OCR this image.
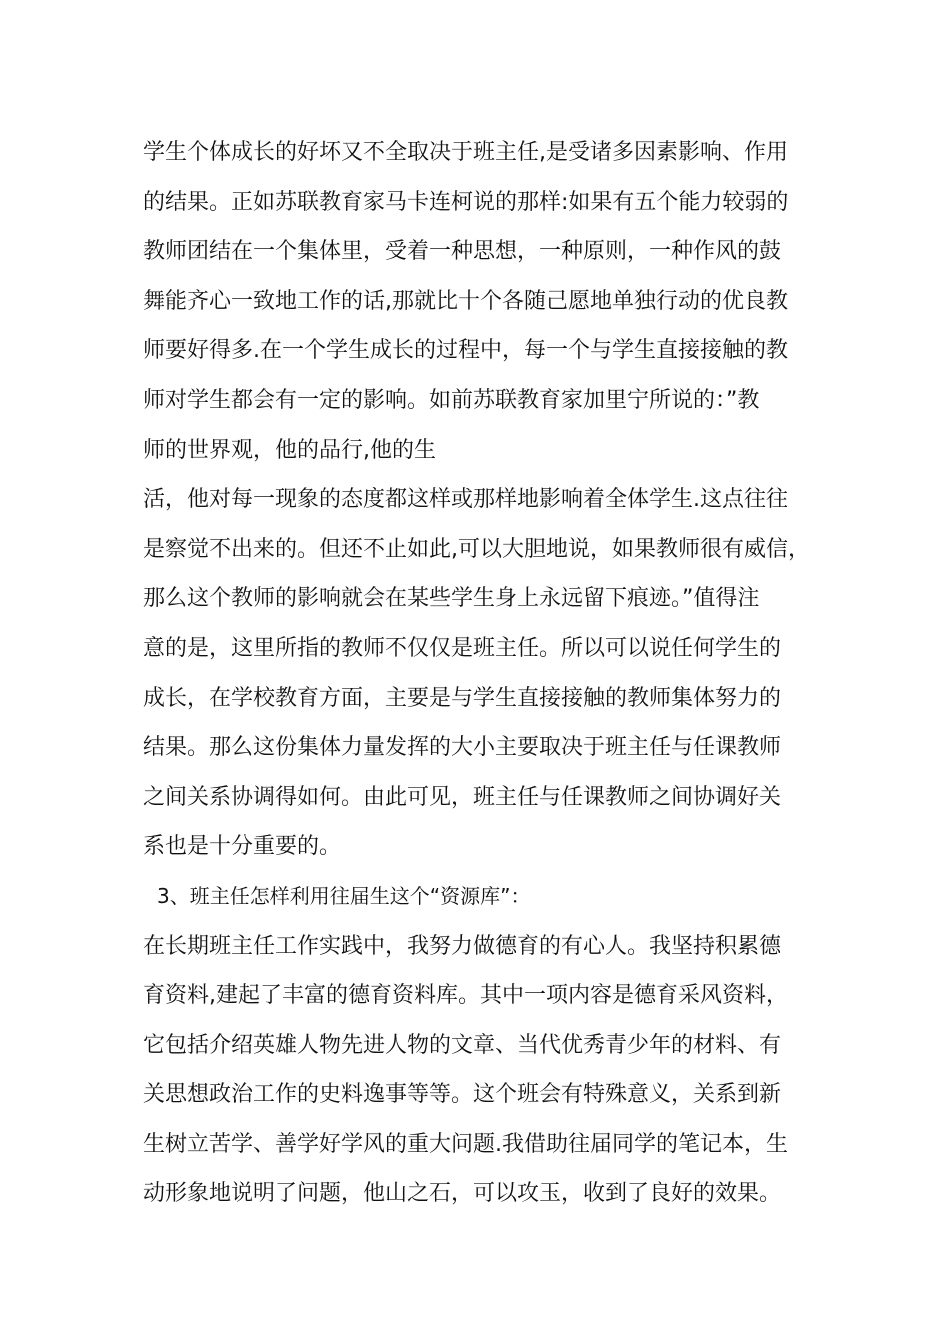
学生个体成长的好坏又不全取决于班主任,是受诸多因素影响、作用
的结果。正如苏联教育家马卡连柯说的那样:如果有五个能力较弱的
教师团结在一个集体里，受着一种思想，一种原则，一种作风的鼓
舞能齐心一致地工作的话,那就比十个各随己愿地单独行动的优良教
师要好得多.在一个学生成长的过程中，每一个与学生直接接触的教
师对学生都会有一定的影响。如前苏联教育家加里宁所说的：”教
师的世界观，他的品行,他的生
活，他对每一现象的态度都这样或那样地影响着全体学生.这点往往
是察觉不出来的。但还不止如此,可以大胆地说，如果教师很有威信，
那么这个教师的影响就会在某些学生身上永远留下痕迹。”值得注
意的是，这里所指的教师不仅仅是班主任。所以可以说任何学生的
成长，在学校教育方面，主要是与学生直接接触的教师集体努力的
结果。那么这份集体力量发挥的大小主要取决于班主任与任课教师
之间关系协调得如何。由此可见，班主任与任课教师之间协调好关
系也是十分重要的。
3、班主任怎样利用往届生这个“资源库”：
在长期班主任工作实践中，我努力做德育的有心人。我坚持积累德
育资料,建起了丰富的德育资料库。其中一项内容是德育采风资料，
它包括介绍英雄人物先进人物的文章、当代优秀青少年的材料、有
关思想政治工作的史料逸事等等。这个班会有特殊意义，关系到新
生树立苦学、善学好学风的重大问题.我借助往届同学的笔记本，生
动形象地说明了问题，他山之石，可以攻玉，收到了良好的效果。
